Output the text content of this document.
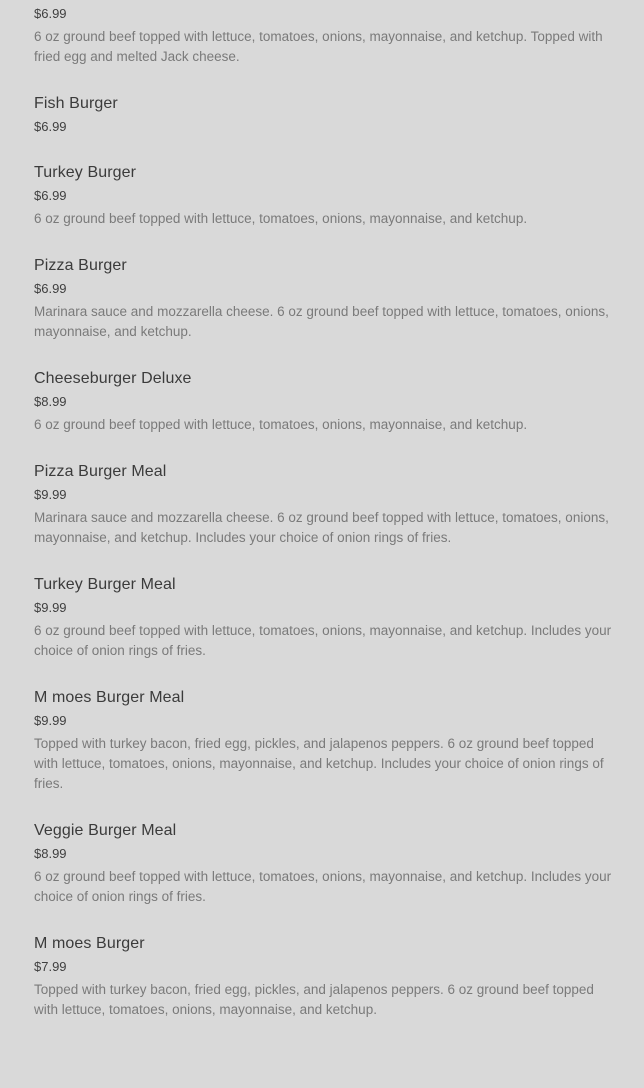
$6.99
6 oz ground beef topped with lettuce, tomatoes, onions, mayonnaise, and ketchup. Topped with fried egg and melted Jack cheese.
Fish Burger
$6.99
Turkey Burger
$6.99
6 oz ground beef topped with lettuce, tomatoes, onions, mayonnaise, and ketchup.
Pizza Burger
$6.99
Marinara sauce and mozzarella cheese. 6 oz ground beef topped with lettuce, tomatoes, onions, mayonnaise, and ketchup.
Cheeseburger Deluxe
$8.99
6 oz ground beef topped with lettuce, tomatoes, onions, mayonnaise, and ketchup.
Pizza Burger Meal
$9.99
Marinara sauce and mozzarella cheese. 6 oz ground beef topped with lettuce, tomatoes, onions, mayonnaise, and ketchup. Includes your choice of onion rings of fries.
Turkey Burger Meal
$9.99
6 oz ground beef topped with lettuce, tomatoes, onions, mayonnaise, and ketchup. Includes your choice of onion rings of fries.
M moes Burger Meal
$9.99
Topped with turkey bacon, fried egg, pickles, and jalapenos peppers. 6 oz ground beef topped with lettuce, tomatoes, onions, mayonnaise, and ketchup. Includes your choice of onion rings of fries.
Veggie Burger Meal
$8.99
6 oz ground beef topped with lettuce, tomatoes, onions, mayonnaise, and ketchup. Includes your choice of onion rings of fries.
M moes Burger
$7.99
Topped with turkey bacon, fried egg, pickles, and jalapenos peppers. 6 oz ground beef topped with lettuce, tomatoes, onions, mayonnaise, and ketchup.
